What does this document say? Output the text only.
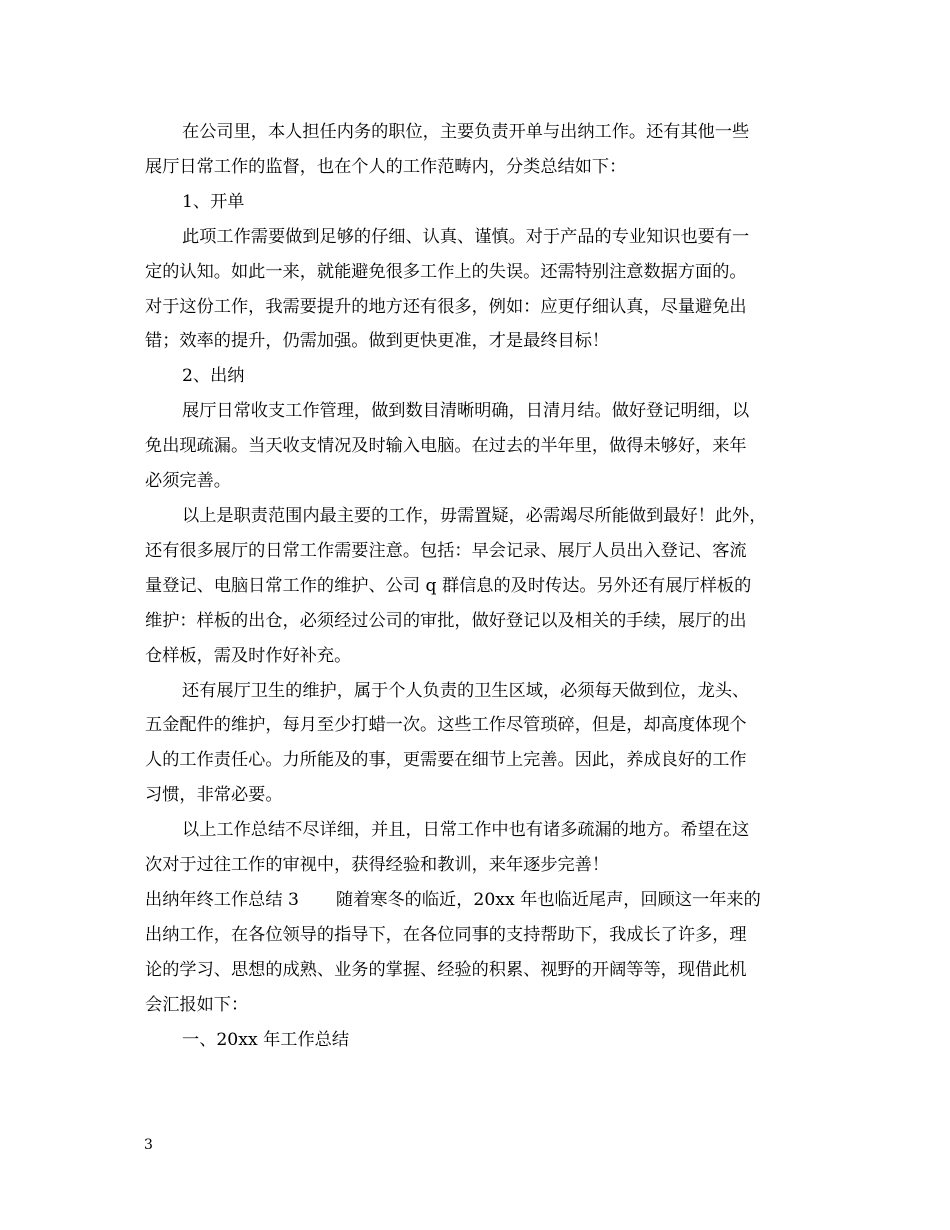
在公司里，本人担任内务的职位，主要负责开单与出纳工作。还有其他一些
展厅日常工作的监督，也在个人的工作范畴内，分类总结如下：

1、开单

此项工作需要做到足够的仔细、认真、谨慎。对于产品的专业知识也要有一
定的认知。如此一来，就能避免很多工作上的失误。还需特别注意数据方面的。
对于这份工作，我需要提升的地方还有很多，例如：应更仔细认真，尽量避免出
错；效率的提升，仍需加强。做到更快更准，才是最终目标！

2、出纳

展厅日常收支工作管理，做到数目清晰明确，日清月结。做好登记明细，以
免出现疏漏。当天收支情况及时输入电脑。在过去的半年里，做得未够好，来年
必须完善。

以上是职责范围内最主要的工作，毋需置疑，必需竭尽所能做到最好！此外，
还有很多展厅的日常工作需要注意。包括：早会记录、展厅人员出入登记、客流
量登记、电脑日常工作的维护、公司 q 群信息的及时传达。另外还有展厅样板的
维护：样板的出仓，必须经过公司的审批，做好登记以及相关的手续，展厅的出
仓样板，需及时作好补充。

还有展厅卫生的维护，属于个人负责的卫生区域，必须每天做到位，龙头、
五金配件的维护，每月至少打蜡一次。这些工作尽管琐碎，但是，却高度体现个
人的工作责任心。力所能及的事，更需要在细节上完善。因此，养成良好的工作
习惯，非常必要。

以上工作总结不尽详细，并且，日常工作中也有诸多疏漏的地方。希望在这
次对于过往工作的审视中，获得经验和教训，来年逐步完善！

出纳年终工作总结 3 随着寒冬的临近，20xx 年也临近尾声，回顾这一年来的
出纳工作，在各位领导的指导下，在各位同事的支持帮助下，我成长了许多，理
论的学习、思想的成熟、业务的掌握、经验的积累、视野的开阔等等，现借此机
会汇报如下：

一、20xx 年工作总结

3
